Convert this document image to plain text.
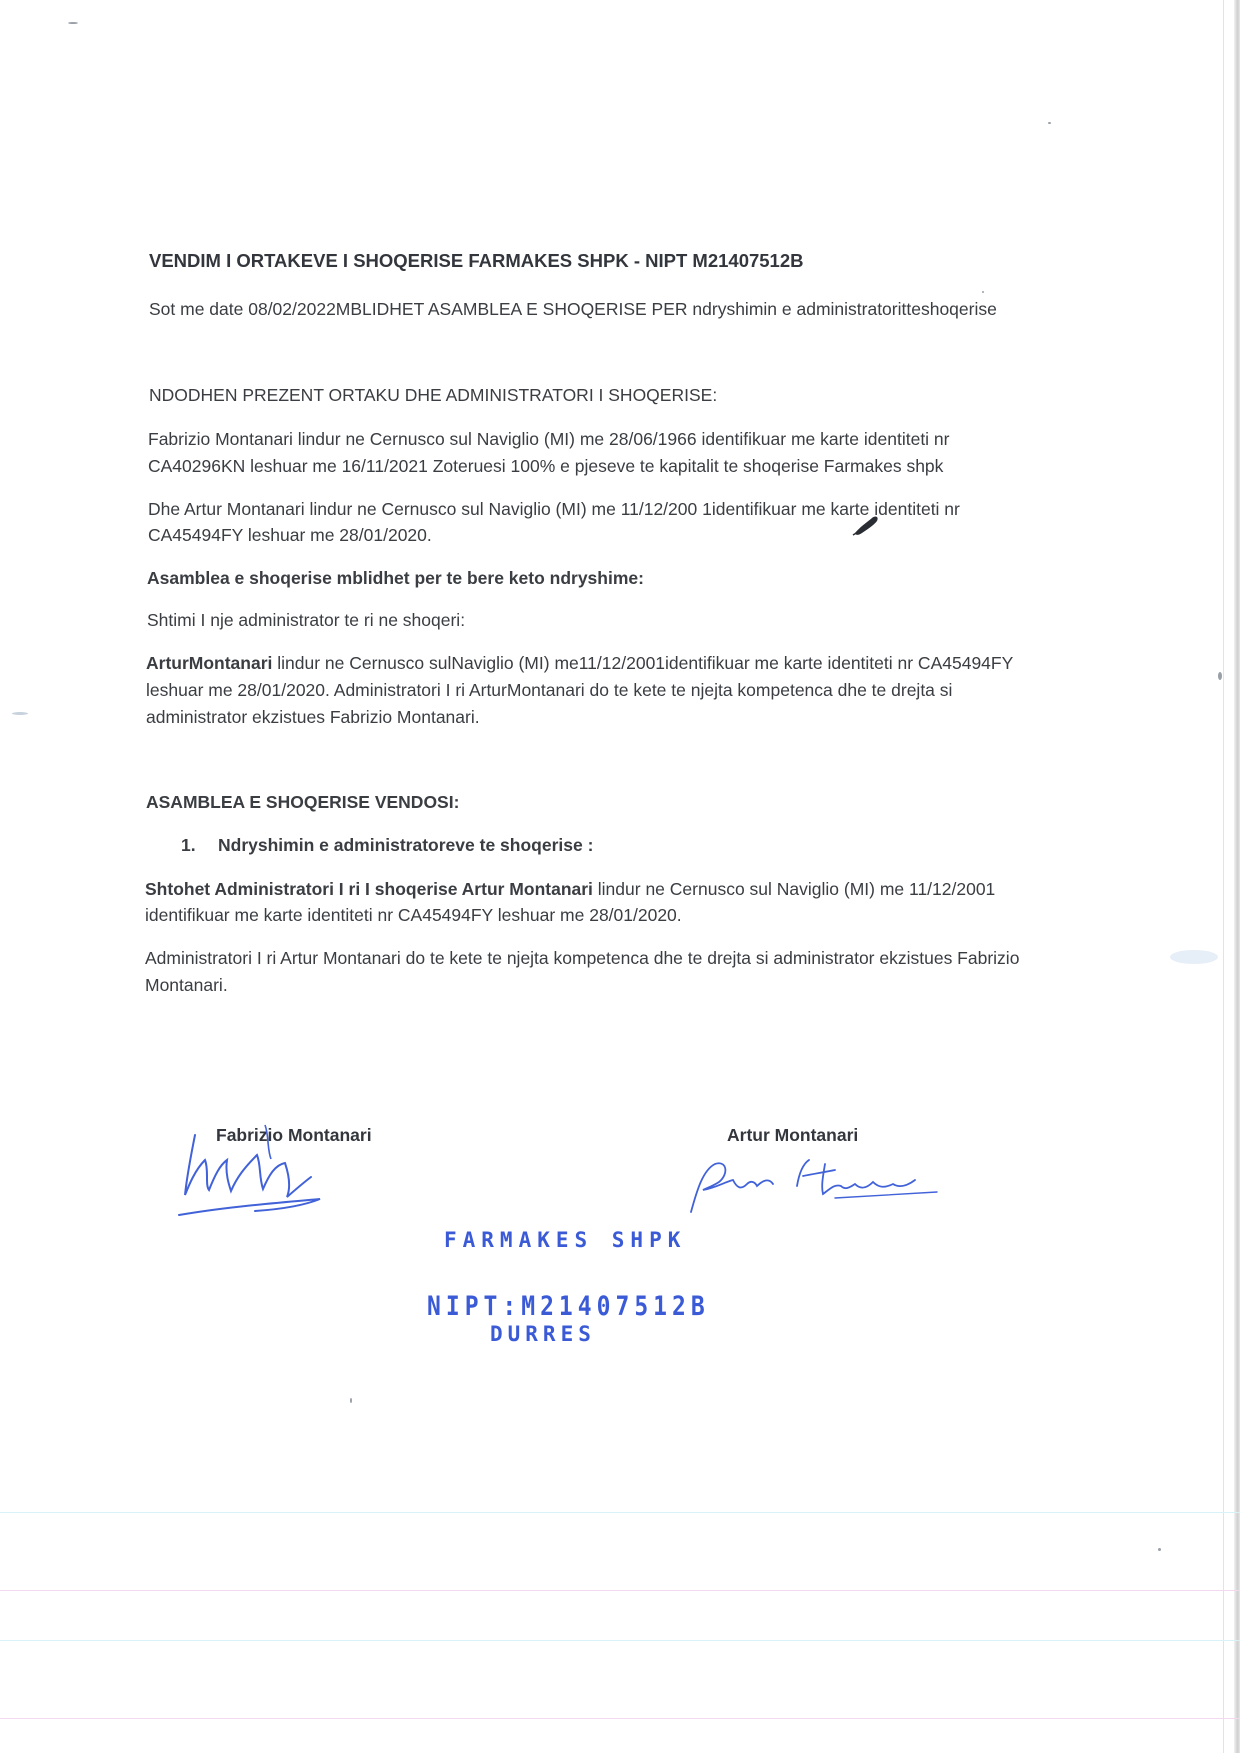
VENDIM I ORTAKEVE I SHOQERISE FARMAKES SHPK - NIPT M21407512B

Sot me date 08/02/2022MBLIDHET ASAMBLEA E SHOQERISE PER ndryshimin e administratoritteshoqerise

NDODHEN PREZENT ORTAKU DHE ADMINISTRATORI I SHOQERISE:

Fabrizio Montanari lindur ne Cernusco sul Naviglio (MI) me 28/06/1966 identifikuar me karte identiteti nr

CA40296KN leshuar me 16/11/2021 Zoteruesi 100% e pjeseve te kapitalit te shoqerise Farmakes shpk

Dhe Artur Montanari lindur ne Cernusco sul Naviglio (MI) me 11/12/200 1identifikuar me karte identiteti nr

CA45494FY leshuar me 28/01/2020.

Asamblea e shoqerise mblidhet per te bere keto ndryshime:

Shtimi I nje administrator te ri ne shoqeri:

ArturMontanari lindur ne Cernusco sulNaviglio (MI) me11/12/2001identifikuar me karte identiteti nr CA45494FY

leshuar me 28/01/2020. Administratori I ri ArturMontanari do te kete te njejta kompetenca dhe te drejta si

administrator ekzistues Fabrizio Montanari.

ASAMBLEA E SHOQERISE VENDOSI:

1. Ndryshimin e administratoreve te shoqerise :

Shtohet Administratori I ri I shoqerise Artur Montanari lindur ne Cernusco sul Naviglio (MI) me 11/12/2001

identifikuar me karte identiteti nr CA45494FY leshuar me 28/01/2020.

Administratori I ri Artur Montanari do te kete te njejta kompetenca dhe te drejta si administrator ekzistues Fabrizio

Montanari.

Fabrizio Montanari	Artur Montanari

FARMAKES SHPK
NIPT:M21407512B
DURRES
